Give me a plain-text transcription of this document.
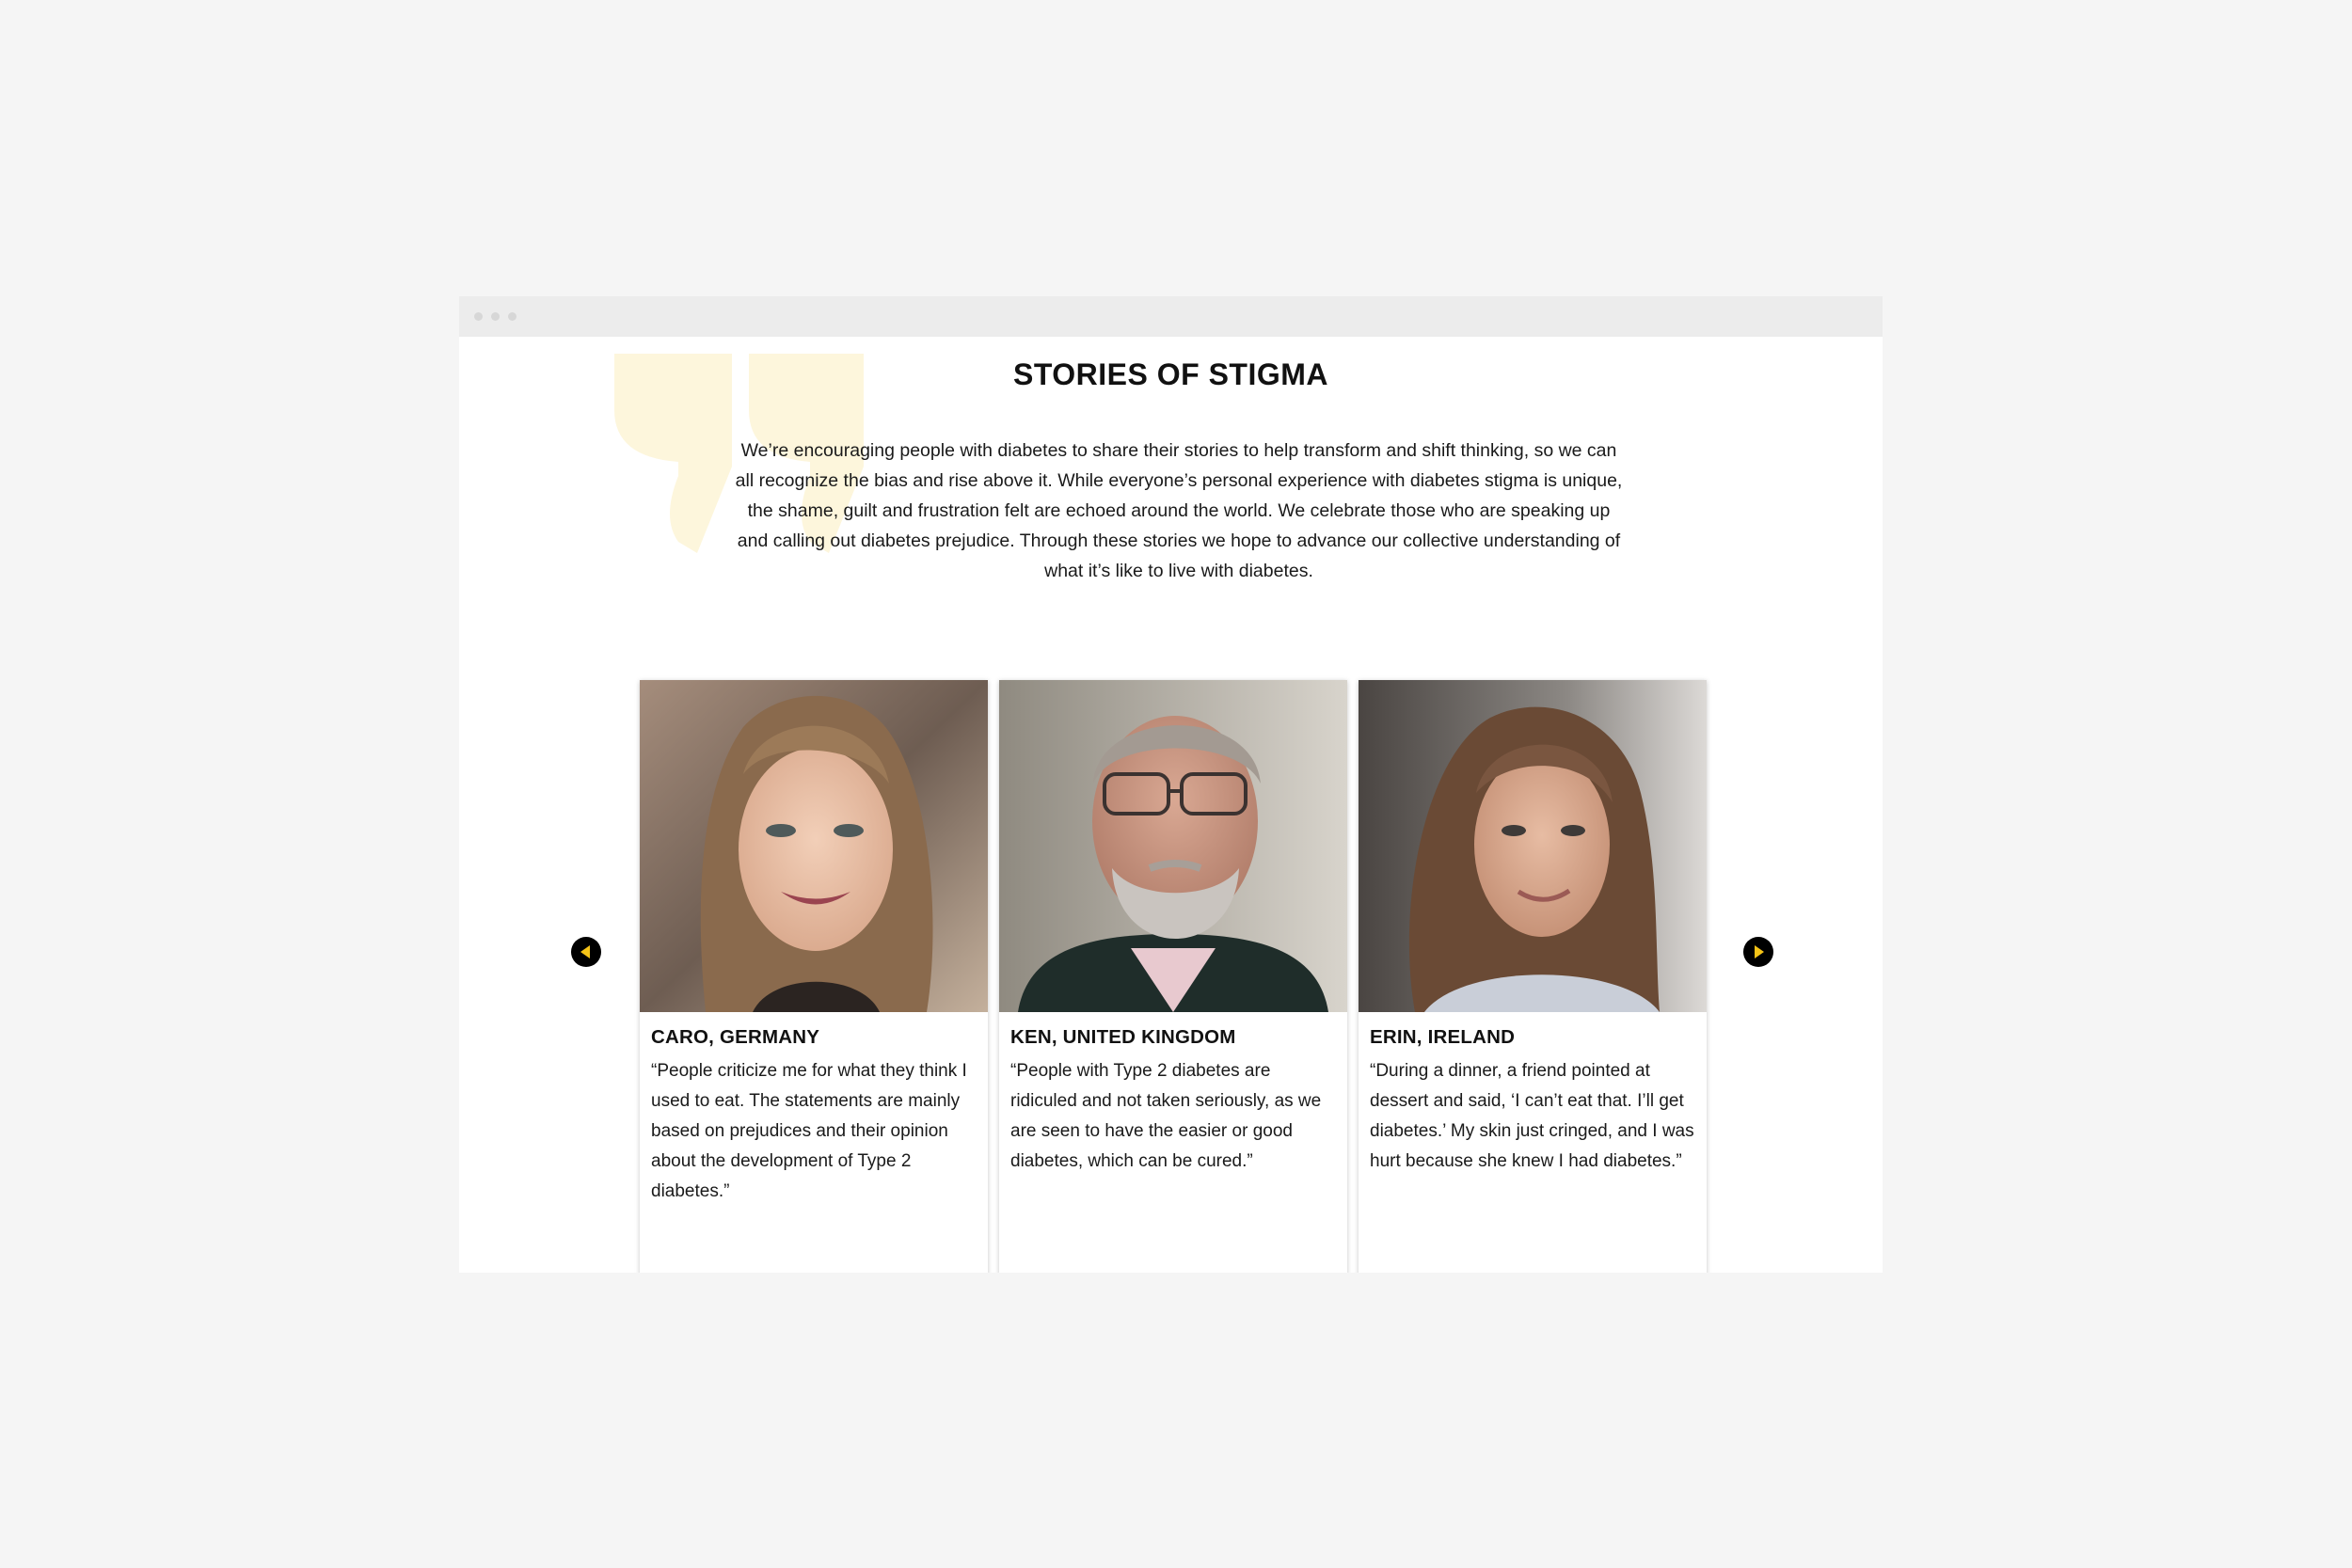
STORIES OF STIGMA

We’re encouraging people with diabetes to share their stories to help transform and shift thinking, so we can all recognize the bias and rise above it. While everyone’s personal experience with diabetes stigma is unique, the shame, guilt and frustration felt are echoed around the world. We celebrate those who are speaking up and calling out diabetes prejudice. Through these stories we hope to advance our collective understanding of what it’s like to live with diabetes.

CARO, GERMANY

“People criticize me for what they think I used to eat. The statements are mainly based on prejudices and their opinion about the development of Type 2 diabetes.”

KEN, UNITED KINGDOM

“People with Type 2 diabetes are ridiculed and not taken seriously, as we are seen to have the easier or good diabetes, which can be cured.”

ERIN, IRELAND

“During a dinner, a friend pointed at dessert and said, ‘I can’t eat that. I’ll get diabetes.’ My skin just cringed, and I was hurt because she knew I had diabetes.”
